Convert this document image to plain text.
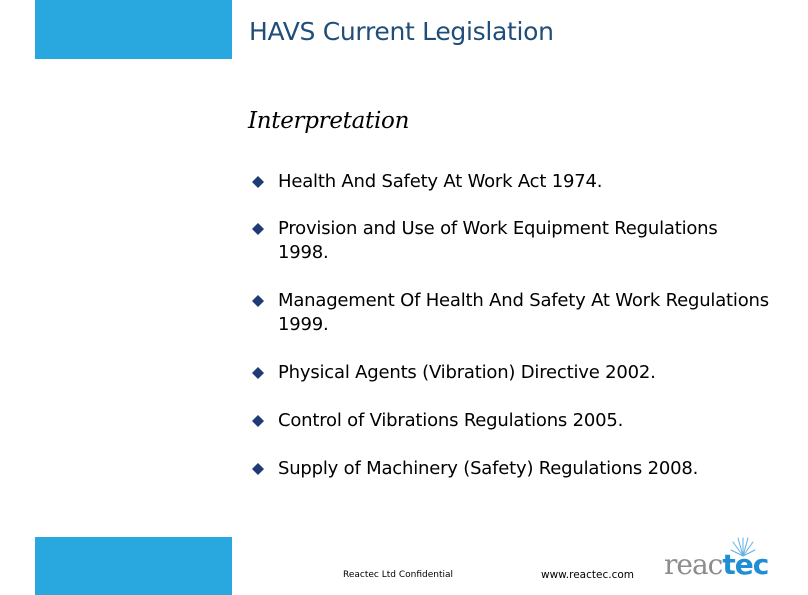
HAVS Current Legislation
Interpretation
Health And Safety At Work Act 1974.
Provision and Use of Work Equipment Regulations 1998.
Management Of Health And Safety At Work Regulations 1999.
Physical Agents (Vibration) Directive 2002.
Control of Vibrations Regulations 2005.
Supply of Machinery (Safety) Regulations 2008.
Reactec Ltd Confidential	www.reactec.com reactec
